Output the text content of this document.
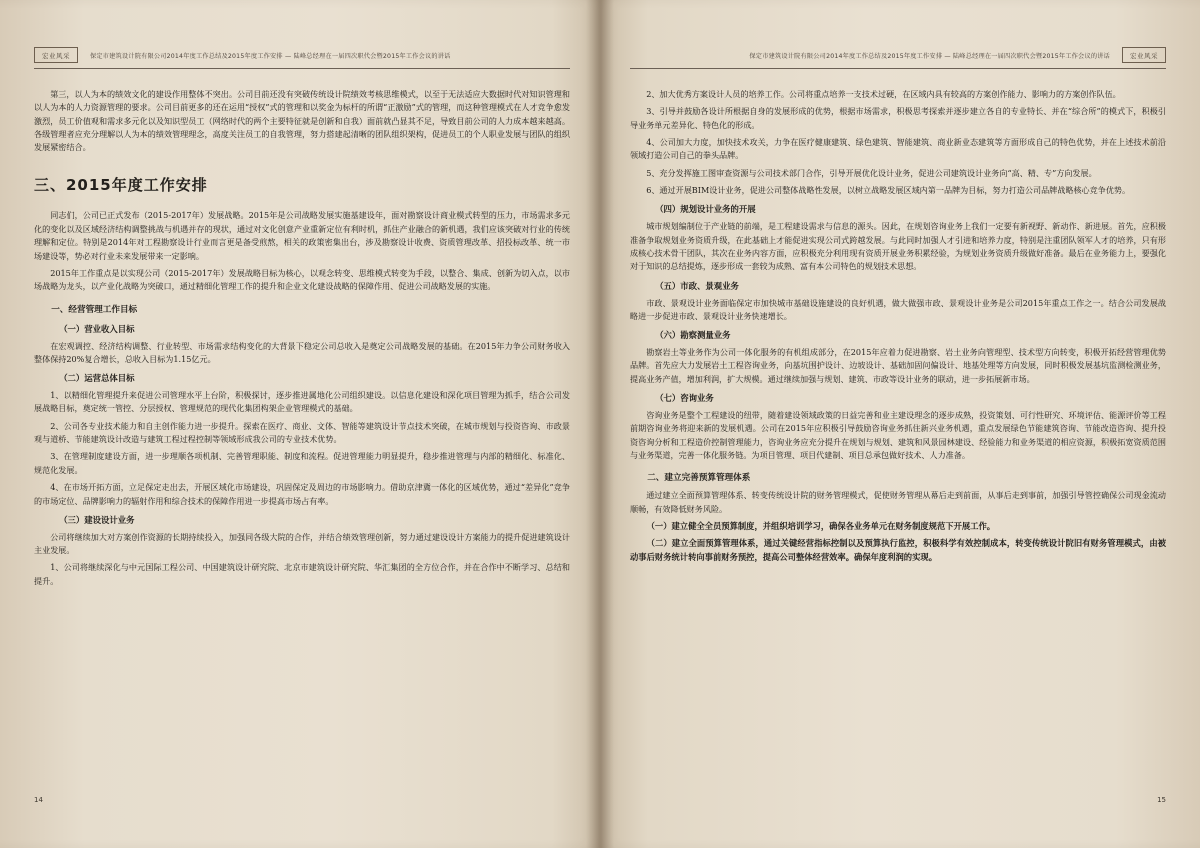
宏业风采	保定市建筑设计院有限公司2014年度工作总结及2015年度工作安排 — 陆峰总经理在一届四次职代会暨2015年工作会议的讲话

第三，以人为本的绩效文化的建设作用整体不突出。公司目前还没有突破传统设计院绩效考核思维模式，以至于无法适应大数据时代对知识管理和以人为本的人力资源管理的要求。公司目前更多的还在运用“授权”式的管理和以奖金为标杆的所谓“正激励”式的管理，而这种管理模式在人才竞争愈发激烈，员工价值观和需求多元化以及知识型员工（网络时代的两个主要特征就是创新和自我）面前就凸显其不足，导致目前公司的人力成本越来越高。各级管理者应充分理解以人为本的绩效管理理念，高度关注员工的自我管理，努力搭建起清晰的团队组织架构，促进员工的个人职业发展与团队的组织发展紧密结合。

三、2015年度工作安排

同志们，公司已正式发布（2015-2017年）发展战略。2015年是公司战略发展实施基建设年，面对勘察设计商业模式转型的压力，市场需求多元化的变化以及区域经济结构调整挑战与机遇并存的现状，通过对文化创意产业重新定位有利时机，抓住产业融合的新机遇，我们应该突破对行业的传统理解和定位。特别是2014年对工程勘察设计行业而言更是备受煎熬，相关的政策密集出台，涉及勘察设计收费、资质管理改革、招投标改革、统一市场建设等，势必对行业未来发展带来一定影响。

2015年工作重点是以实现公司（2015-2017年）发展战略目标为核心，以观念转变、思维模式转变为手段，以整合、集成、创新为切入点，以市场战略为龙头，以产业化战略为突破口，通过精细化管理工作的提升和企业文化建设战略的保障作用、促进公司战略发展的实施。

一、经营管理工作目标
（一）营业收入目标

在宏观调控、经济结构调整、行业转型、市场需求结构变化的大背景下稳定公司总收入是奠定公司战略发展的基础。在2015年力争公司财务收入整体保持20%复合增长，总收入目标为1.15亿元。

（二）运营总体目标

1、以精细化管理提升来促进公司管理水平上台阶，积极探讨，逐步推进属地化公司组织建设。以信息化建设和深化项目管理为抓手，结合公司发展战略目标，奠定统一管控、分层授权、管理规范的现代化集团构架企业管理模式的基础。

2、公司各专业技术能力和自主创作能力进一步提升。探索在医疗、商业、文体、智能等建筑设计节点技术突破，在城市规划与投资咨询、市政景观与道桥、节能建筑设计改造与建筑工程过程控制等领域形成我公司的专业技术优势。

3、在管理制度建设方面，进一步理顺各项机制、完善管理职能、制度和流程。促进管理能力明显提升，稳步推进管理与内部的精细化、标准化、规范化发展。

4、在市场开拓方面，立足保定走出去，开展区域化市场建设，巩固保定及周边的市场影响力。借助京津冀一体化的区域优势，通过“差异化”竞争的市场定位、品牌影响力的辐射作用和综合技术的保障作用进一步提高市场占有率。

（三）建设设计业务

公司将继续加大对方案创作资源的长期持续投入，加强同各级大院的合作，并结合绩效管理创新，努力通过建设设计方案能力的提升促进建筑设计主业发展。

1、公司将继续深化与中元国际工程公司、中国建筑设计研究院、北京市建筑设计研究院、华汇集团的全方位合作，并在合作中不断学习、总结和提升。

14
保定市建筑设计院有限公司2014年度工作总结及2015年度工作安排 — 陆峰总经理在一届四次职代会暨2015年工作会议的讲话	宏业风采

2、加大优秀方案设计人员的培养工作。公司将重点培养一支技术过硬，在区域内具有较高的方案创作能力、影响力的方案创作队伍。

3、引导并鼓励各设计所根据自身的发展形成的优势，根据市场需求，积极思考探索并逐步建立各自的专业特长、并在“综合所”的模式下，积极引导业务单元差异化、特色化的形成。

4、公司加大力度，加快技术攻关，力争在医疗健康建筑、绿色建筑、智能建筑、商业新业态建筑等方面形成自己的特色优势，并在上述技术前沿领域打造公司自己的拳头品牌。

5、充分发挥施工图审查资源与公司技术部门合作，引导开展优化设计业务，促进公司建筑设计业务向“高、精、专”方向发展。

6、通过开展BIM设计业务，促进公司整体战略性发展，以树立战略发展区域内第一品牌为目标，努力打造公司品牌战略核心竞争优势。

（四）规划设计业务的开展

城市规划编制位于产业链的前端，是工程建设需求与信息的源头。因此，在规划咨询业务上我们一定要有新视野、新动作、新进展。首先，应积极准备争取规划业务资质升级，在此基础上才能促进实现公司式跨越发展。与此同时加强人才引进和培养力度，特别是注重团队领军人才的培养，只有形成核心技术骨干团队，其次在业务内容方面，应积极充分利用现有资质开展业务积累经验，为规划业务资质升级做好准备。最后在业务能力上，要强化对于知识的总结提炼，逐步形成一套较为成熟、富有本公司特色的规划技术思想。

（五）市政、景观业务

市政、景观设计业务面临保定市加快城市基础设施建设的良好机遇，做大做强市政、景观设计业务是公司2015年重点工作之一。结合公司发展战略进一步促进市政、景观设计业务快速增长。

（六）勘察测量业务

勘察岩土等业务作为公司一体化服务的有机组成部分，在2015年应着力促进勘察、岩土业务向管理型、技术型方向转变，积极开拓经营管理优势品牌。首先应大力发展岩土工程咨询业务，向基坑围护设计、边坡设计、基础加固问偏设计、地基处理等方向发展，同时积极发展基坑监测检测业务，提高业务产值，增加利润，扩大规模。通过继续加强与规划、建筑、市政等设计业务的联动，进一步拓展新市场。

（七）咨询业务

咨询业务是整个工程建设的纽带，随着建设领域政策的日益完善和业主建设理念的逐步成熟，投资策划、可行性研究、环境评估、能源评价等工程前期咨询业务将迎来新的发展机遇。公司在2015年应积极引导鼓励咨询业务抓住新兴业务机遇，重点发展绿色节能建筑咨询、节能改造咨询、提升投资咨询分析和工程造价控制管理能力，咨询业务应充分提升在规划与规划、建筑和风景园林建设、经验能力和业务渠道的相应资源，积极拓宽资质范围与业务渠道，完善一体化服务链。为项目管理、项目代建制、项目总承包做好技术、人力准备。

二、建立完善预算管理体系

通过建立全面预算管理体系、转变传统设计院的财务管理模式，促使财务管理从幕后走到前面，从事后走到事前，加强引导管控确保公司现金流动顺畅，有效降低财务风险。

（一）建立健全全员预算制度，并组织培训学习，确保各业务单元在财务制度规范下开展工作。

（二）建立全面预算管理体系，通过关键经营指标控制以及预算执行监控，积极科学有效控制成本，转变传统设计院旧有财务管理模式，由被动事后财务统计转向事前财务预控，提高公司整体经营效率。确保年度利润的实现。

15
